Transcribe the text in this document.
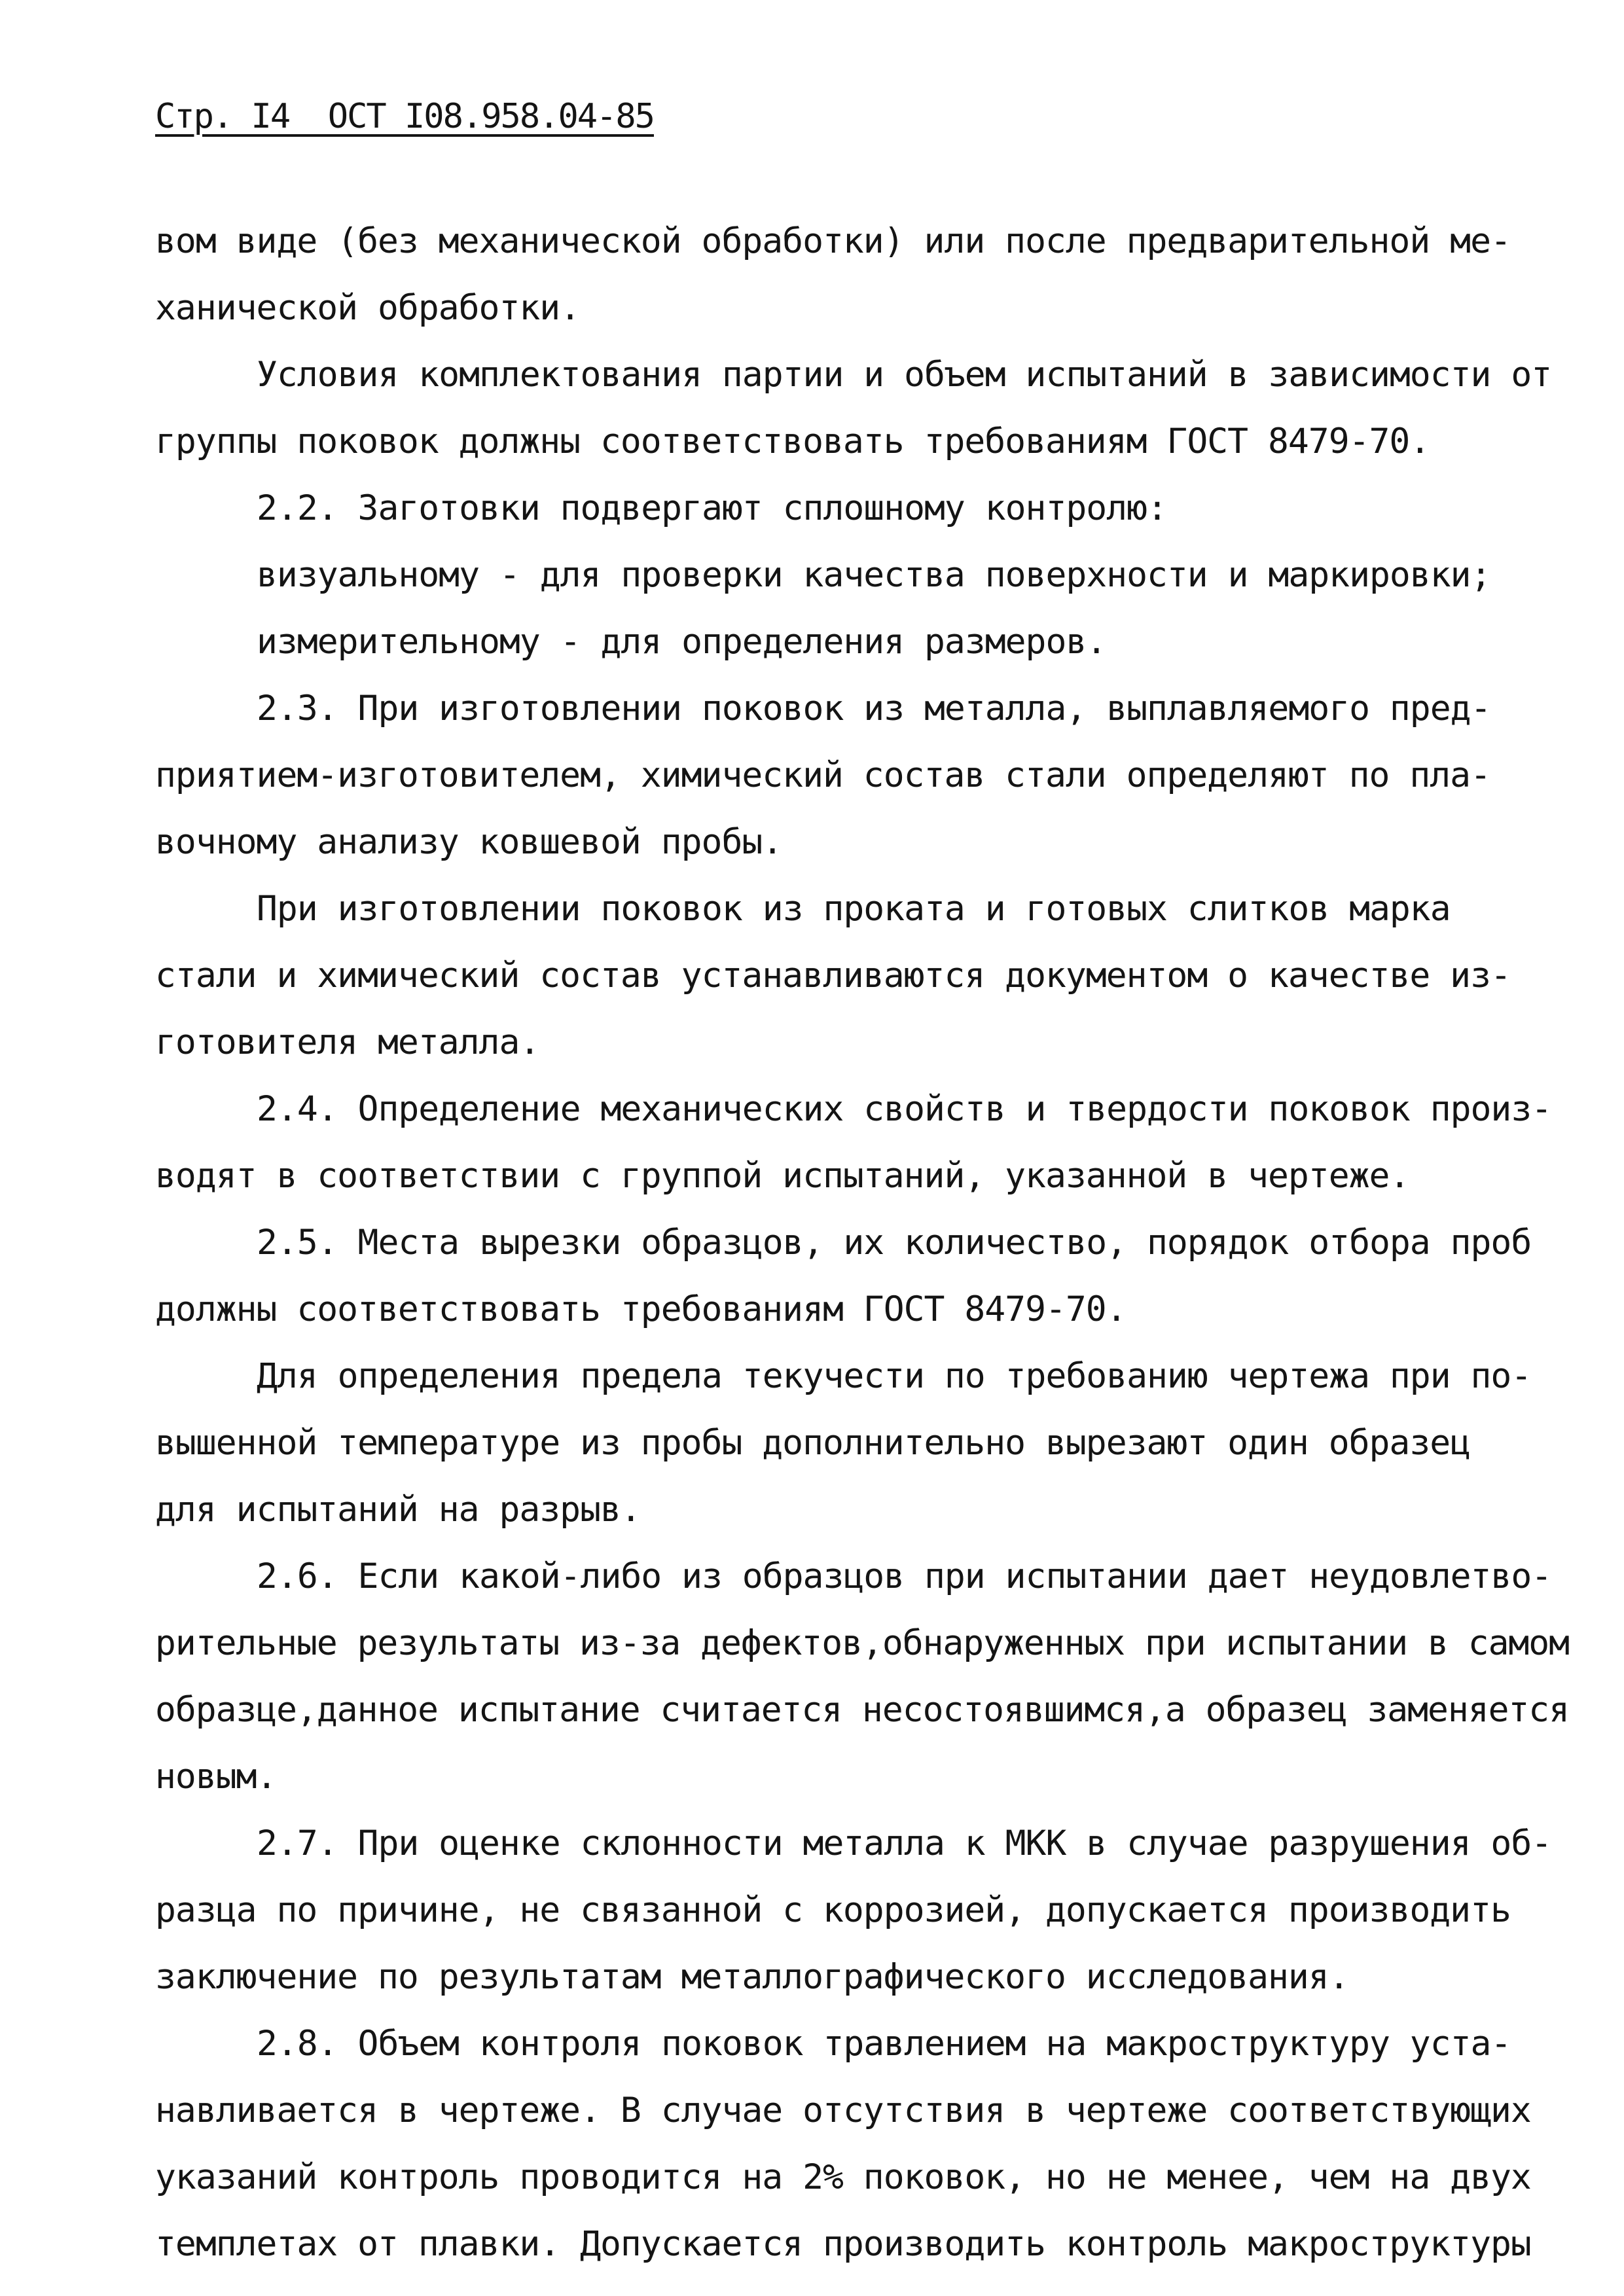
Стр. I4  ОСТ I08.958.04-85
вом виде (без механической обработки) или после предварительной ме-
ханической обработки.
Условия комплектования партии и объем испытаний в зависимости от
группы поковок должны соответствовать требованиям ГОСТ 8479-70.
2.2. Заготовки подвергают сплошному контролю:
визуальному - для проверки качества поверхности и маркировки;
измерительному - для определения размеров.
2.3. При изготовлении поковок из металла, выплавляемого пред-
приятием-изготовителем, химический состав стали определяют по пла-
вочному анализу ковшевой пробы.
При изготовлении поковок из проката и готовых слитков марка
стали и химический состав устанавливаются документом о качестве из-
готовителя металла.
2.4. Определение механических свойств и твердости поковок произ-
водят в соответствии с группой испытаний, указанной в чертеже.
2.5. Места вырезки образцов, их количество, порядок отбора проб
должны соответствовать требованиям ГОСТ 8479-70.
Для определения предела текучести по требованию чертежа при по-
вышенной температуре из пробы дополнительно вырезают один образец
для испытаний на разрыв.
2.6. Если какой-либо из образцов при испытании дает неудовлетво-
рительные результаты из-за дефектов,обнаруженных при испытании в самом
образце,данное испытание считается несостоявшимся,а образец заменяется
новым.
2.7. При оценке склонности металла к МКК в случае разрушения об-
разца по причине, не связанной с коррозией, допускается производить
заключение по результатам металлографического исследования.
2.8. Объем контроля поковок травлением на макроструктуру уста-
навливается в чертеже. В случае отсутствия в чертеже соответствующих
указаний контроль проводится на 2% поковок, но не менее, чем на двух
темплетах от плавки. Допускается производить контроль макроструктуры
